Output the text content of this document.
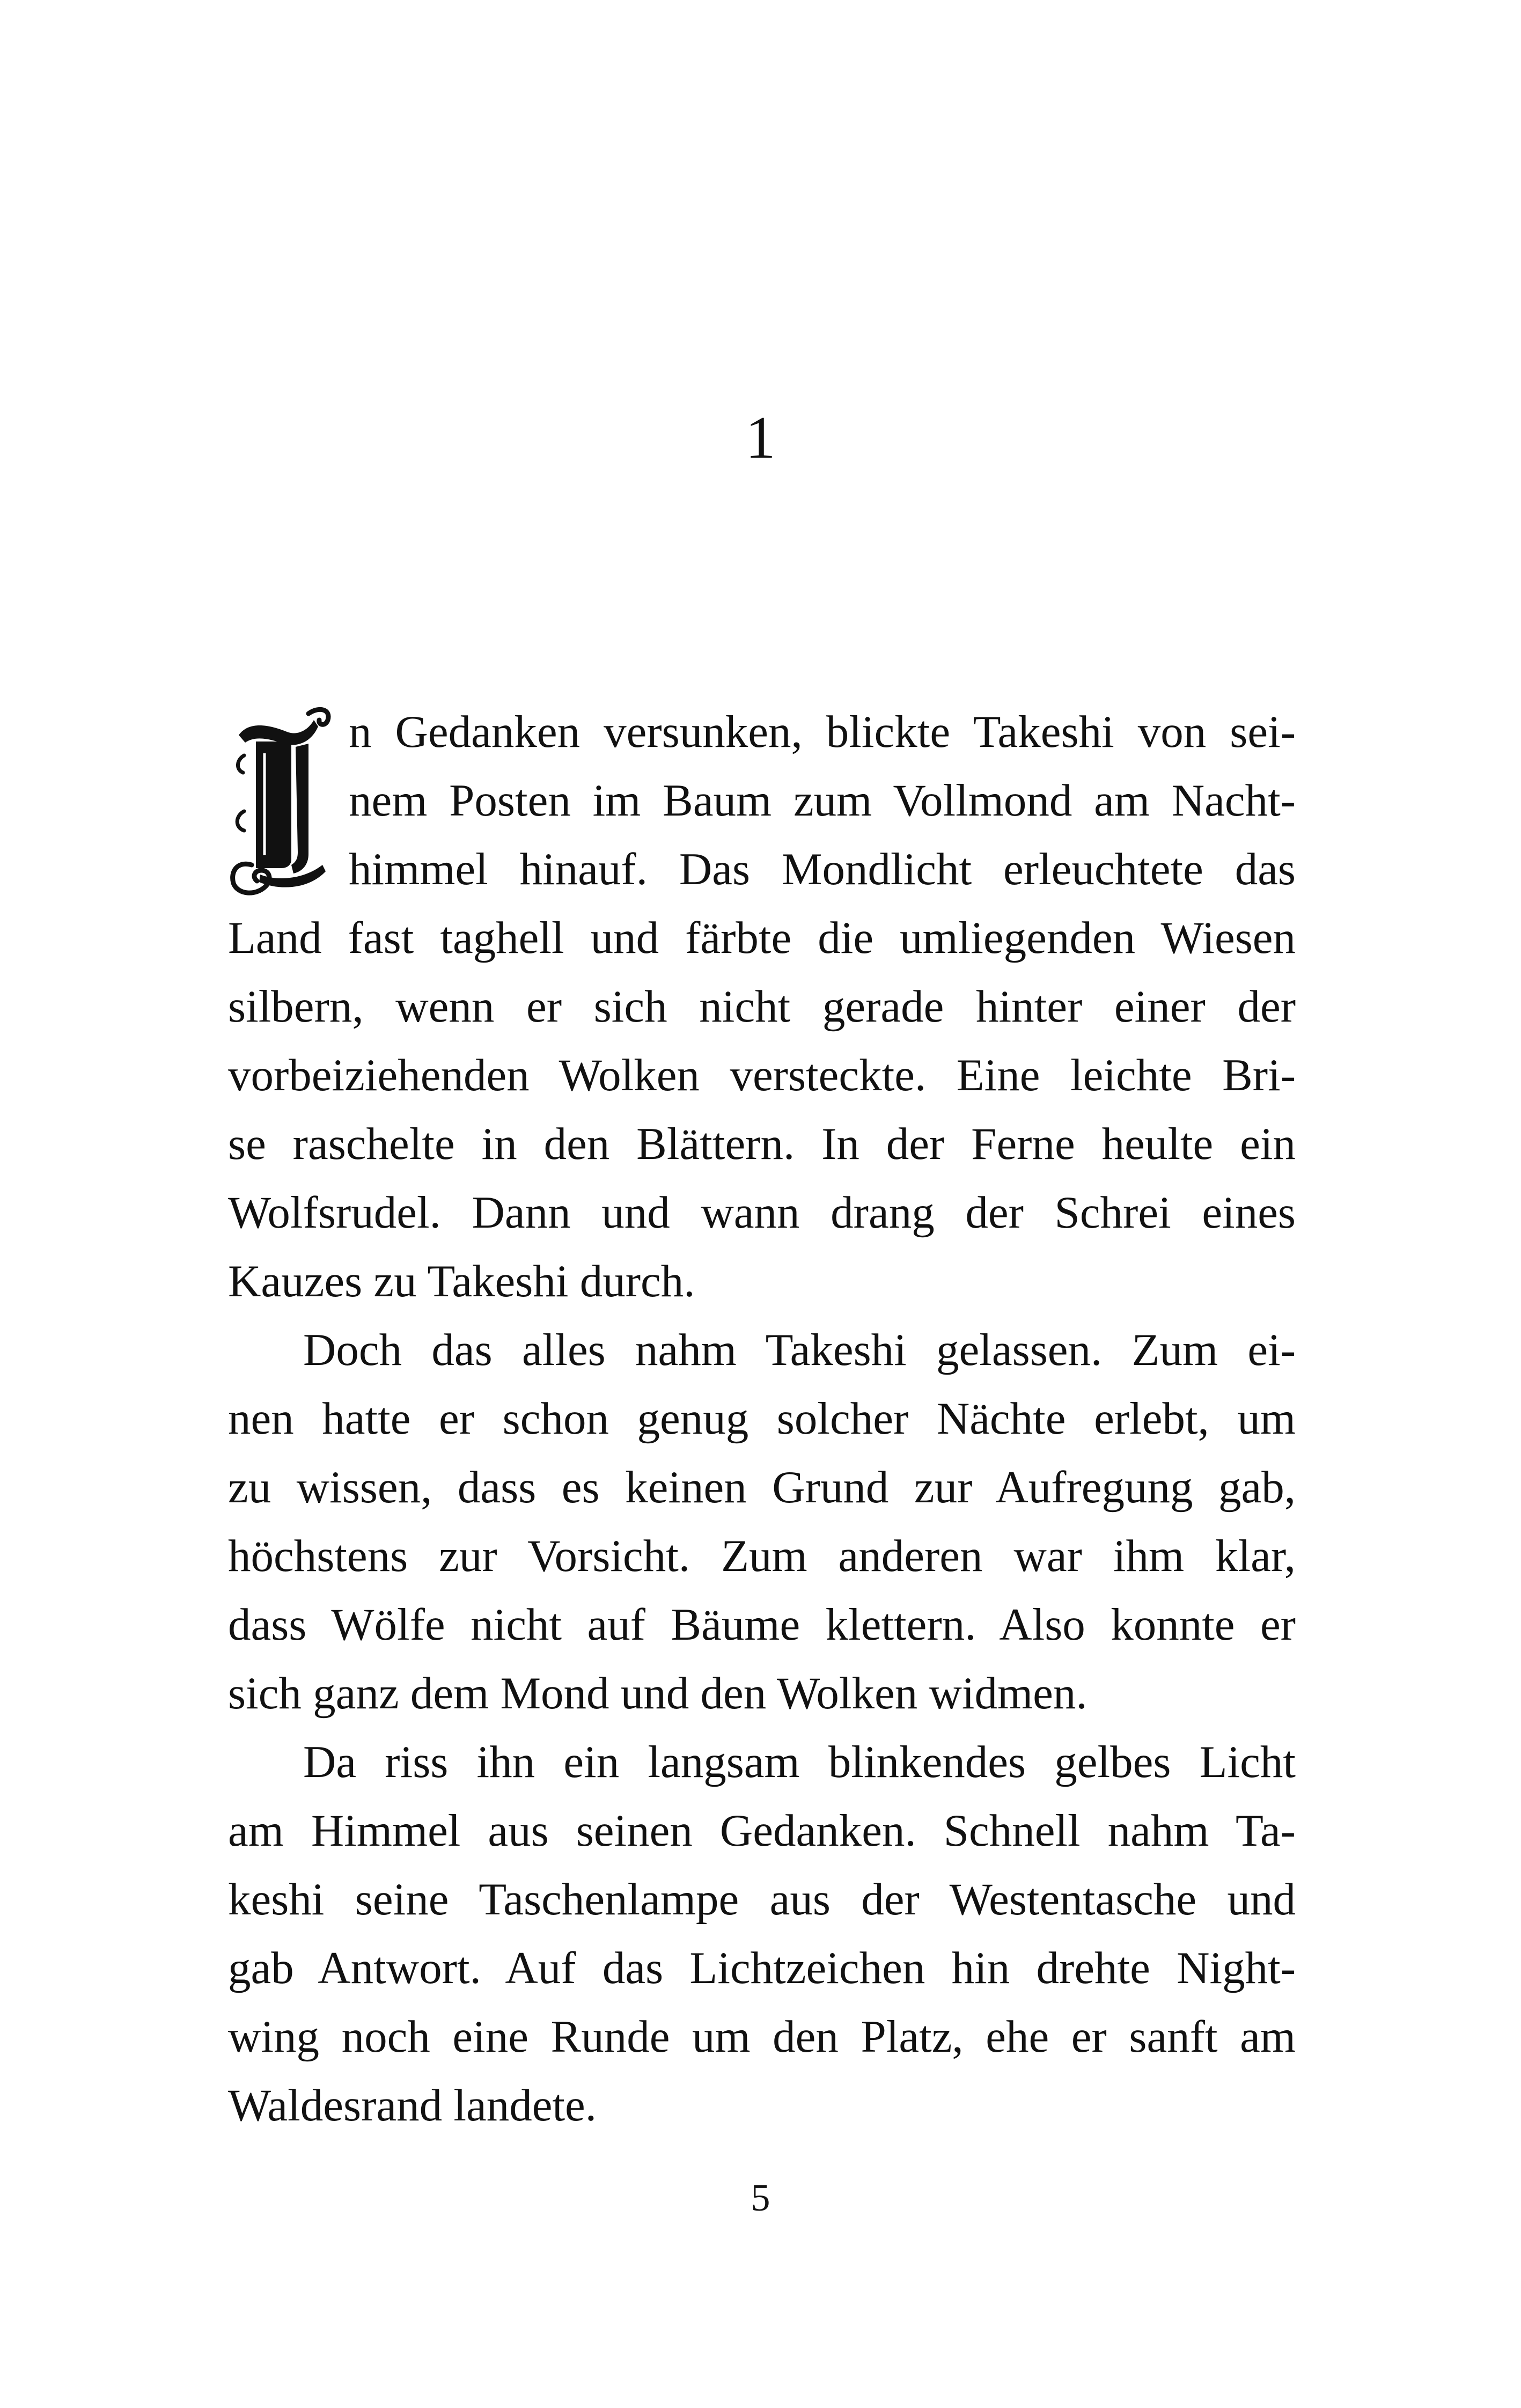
1
n Gedanken versunken, blickte Takeshi von sei-
nem Posten im Baum zum Vollmond am Nacht-
himmel hinauf. Das Mondlicht erleuchtete das
Land fast taghell und färbte die umliegenden Wiesen
silbern, wenn er sich nicht gerade hinter einer der
vorbeiziehenden Wolken versteckte. Eine leichte Bri-
se raschelte in den Blättern. In der Ferne heulte ein
Wolfsrudel. Dann und wann drang der Schrei eines
Kauzes zu Takeshi durch.
Doch das alles nahm Takeshi gelassen. Zum ei-
nen hatte er schon genug solcher Nächte erlebt, um
zu wissen, dass es keinen Grund zur Aufregung gab,
höchstens zur Vorsicht. Zum anderen war ihm klar,
dass Wölfe nicht auf Bäume klettern. Also konnte er
sich ganz dem Mond und den Wolken widmen.
Da riss ihn ein langsam blinkendes gelbes Licht
am Himmel aus seinen Gedanken. Schnell nahm Ta-
keshi seine Taschenlampe aus der Westentasche und
gab Antwort. Auf das Lichtzeichen hin drehte Night-
wing noch eine Runde um den Platz, ehe er sanft am
Waldesrand landete.
5
